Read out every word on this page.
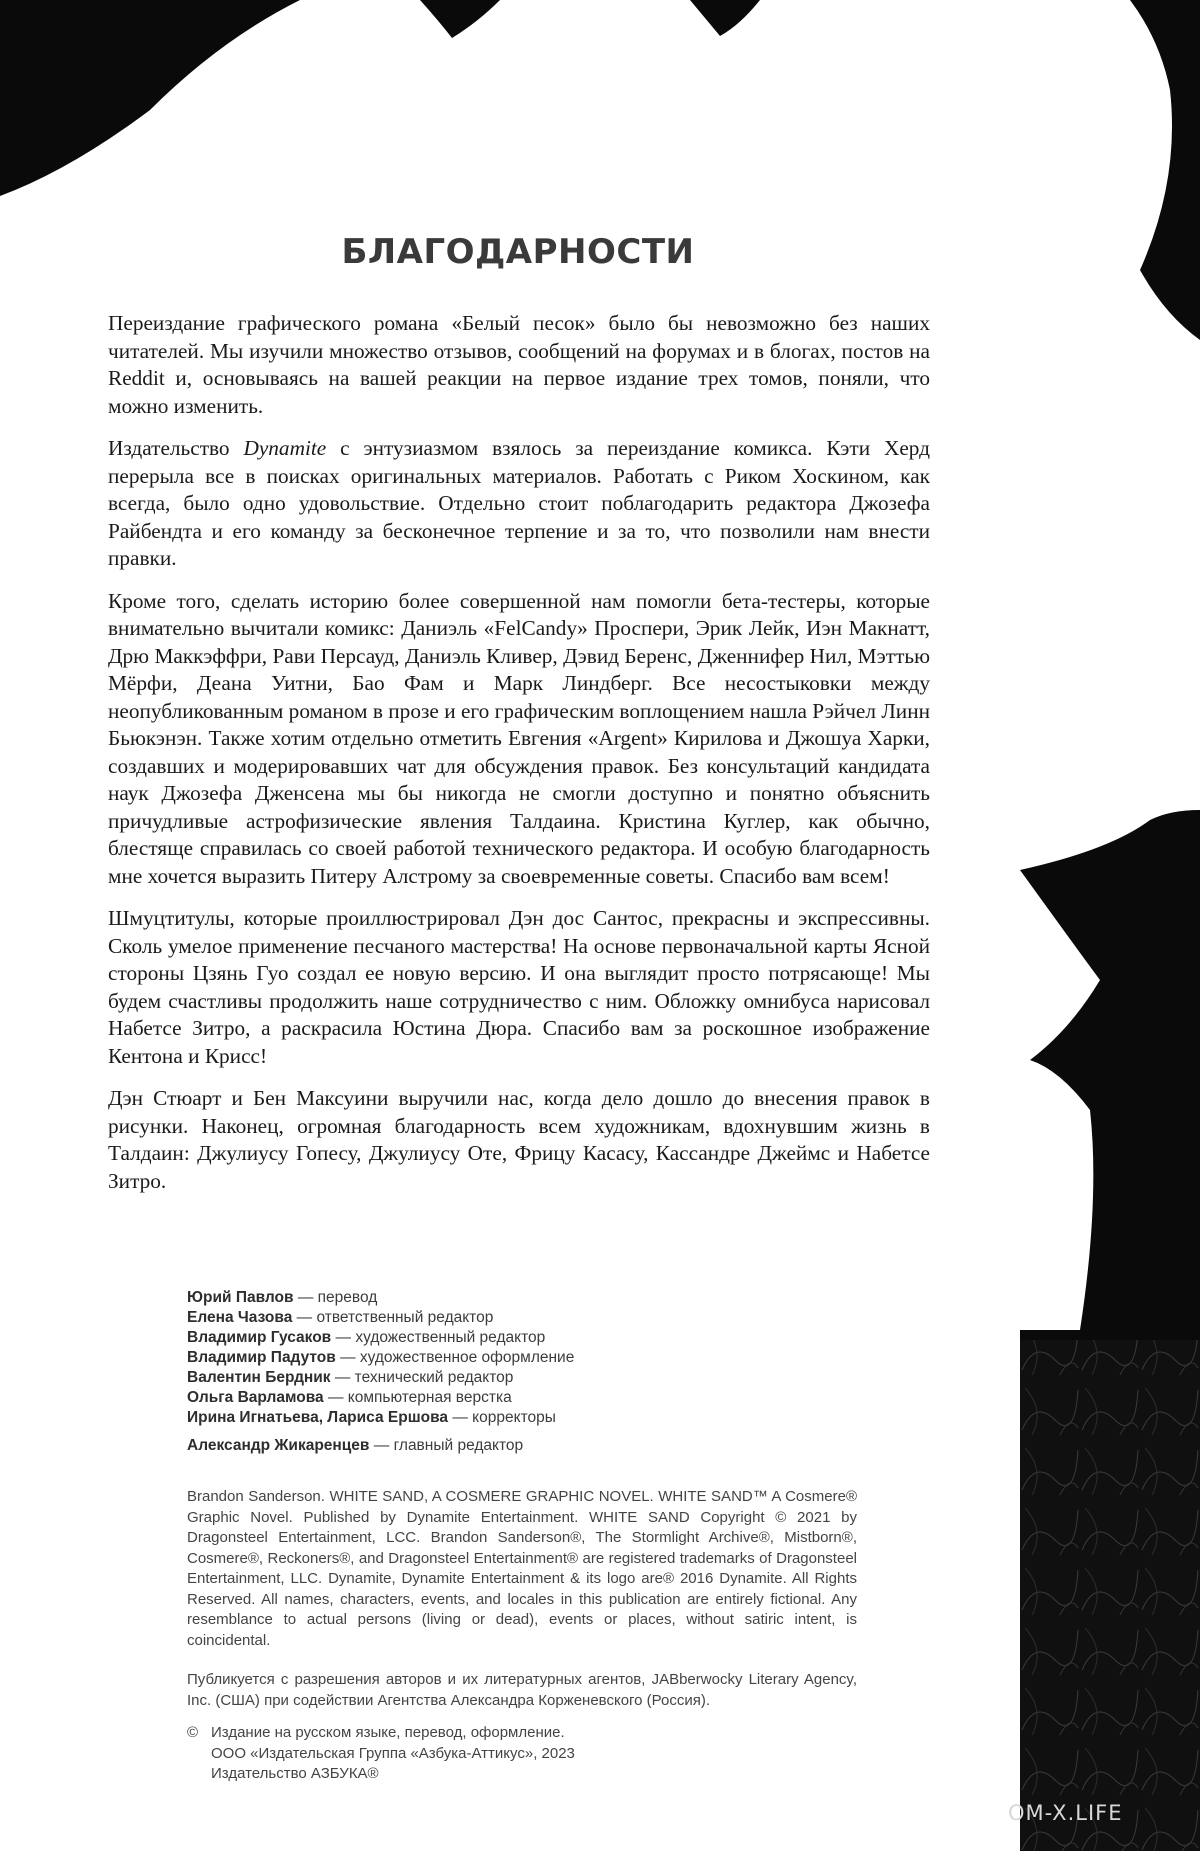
БЛАГОДАРНОСТИ

Переиздание графического романа «Белый песок» было бы невозможно без наших читателей. Мы изучили множество отзывов, сообщений на форумах и в блогах, постов на Reddit и, основываясь на вашей реакции на первое издание трех томов, поняли, что можно изменить.

Издательство Dynamite с энтузиазмом взялось за переиздание комикса. Кэти Херд перерыла все в поисках оригинальных материалов. Работать с Риком Хоскином, как всегда, было одно удовольствие. Отдельно стоит поблагодарить редактора Джозефа Райбендта и его команду за бесконечное терпение и за то, что позволили нам внести правки.

Кроме того, сделать историю более совершенной нам помогли бета-тестеры, которые внимательно вычитали комикс: Даниэль «FelCandy» Проспери, Эрик Лейк, Иэн Макнатт, Дрю Маккэффри, Рави Персауд, Даниэль Кливер, Дэвид Беренс, Дженнифер Нил, Мэттью Мёрфи, Деана Уитни, Бао Фам и Марк Линдберг. Все несостыковки между неопубликованным романом в прозе и его графическим воплощением нашла Рэйчел Линн Бьюкэнэн. Также хотим отдельно отметить Евгения «Argent» Кирилова и Джошуа Харки, создавших и модерировавших чат для обсуждения правок. Без консультаций кандидата наук Джозефа Дженсена мы бы никогда не смогли доступно и понятно объяснить причудливые астрофизические явления Талдаина. Кристина Куглер, как обычно, блестяще справилась со своей работой технического редактора. И особую благодарность мне хочется выразить Питеру Алстрому за своевременные советы. Спасибо вам всем!

Шмуцтитулы, которые проиллюстрировал Дэн дос Сантос, прекрасны и экспрессивны. Сколь умелое применение песчаного мастерства! На основе первоначальной карты Ясной стороны Цзянь Гуо создал ее новую версию. И она выглядит просто потрясающе! Мы будем счастливы продолжить наше сотрудничество с ним. Обложку омнибуса нарисовал Набетсе Зитро, а раскрасила Юстина Дюра. Спасибо вам за роскошное изображение Кентона и Крисс!

Дэн Стюарт и Бен Максуини выручили нас, когда дело дошло до внесения правок в рисунки. Наконец, огромная благодарность всем художникам, вдохнувшим жизнь в Талдаин: Джулиусу Гопесу, Джулиусу Оте, Фрицу Касасу, Кассандре Джеймс и Набетсе Зитро.

Юрий Павлов — перевод

Елена Чазова — ответственный редактор

Владимир Гусаков — художественный редактор

Владимир Падутов — художественное оформление

Валентин Бердник — технический редактор

Ольга Варламова — компьютерная верстка

Ирина Игнатьева, Лариса Ершова — корректоры

Александр Жикаренцев — главный редактор

Brandon Sanderson. WHITE SAND, A COSMERE GRAPHIC NOVEL. WHITE SAND™ A Cosmere® Graphic Novel. Published by Dynamite Entertainment. WHITE SAND Copyright © 2021 by Dragonsteel Entertainment, LCC. Brandon Sanderson®, The Stormlight Archive®, Mistborn®, Cosmere®, Reckoners®, and Dragonsteel Entertainment® are registered trademarks of Dragonsteel Entertainment, LLC. Dynamite, Dynamite Entertainment & its logo are® 2016 Dynamite. All Rights Reserved. All names, characters, events, and locales in this publication are entirely fictional. Any resemblance to actual persons (living or dead), events or places, without satiric intent, is coincidental.
Публикуется с разрешения авторов и их литературных агентов, JABberwocky Literary Agency, Inc. (США) при содействии Агентства Александра Корженевского (Россия).
© Издание на русском языке, перевод, оформление.
ООО «Издательская Группа «Азбука-Аттикус», 2023
Издательство АЗБУКА®
OM-X.LIFE
